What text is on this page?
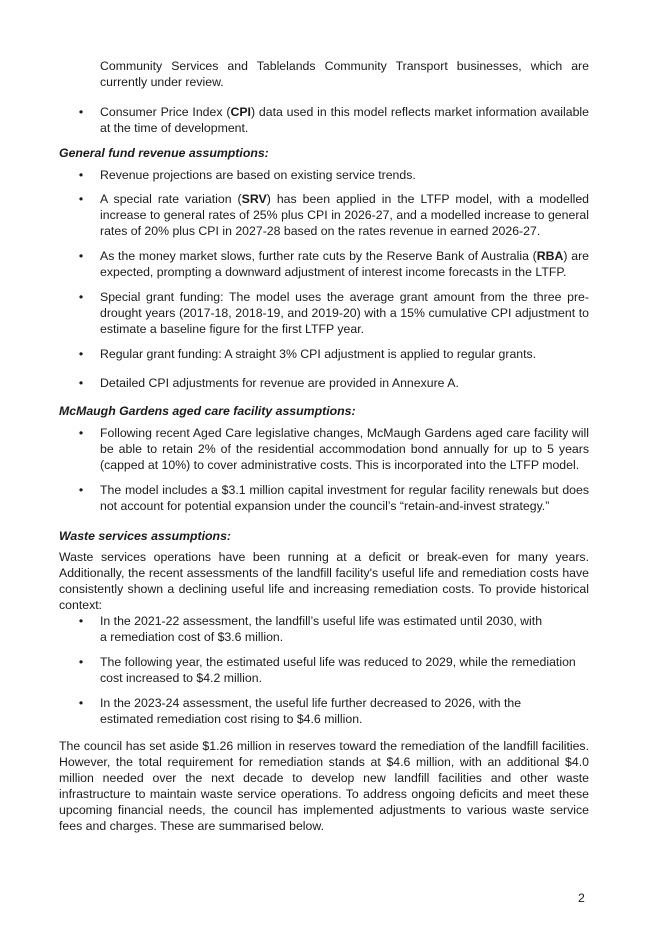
Community Services and Tablelands Community Transport businesses, which are currently under review.
• Consumer Price Index (CPI) data used in this model reflects market information available at the time of development.
General fund revenue assumptions:
• Revenue projections are based on existing service trends.
• A special rate variation (SRV) has been applied in the LTFP model, with a modelled increase to general rates of 25% plus CPI in 2026-27, and a modelled increase to general rates of 20% plus CPI in 2027-28 based on the rates revenue in earned 2026-27.
• As the money market slows, further rate cuts by the Reserve Bank of Australia (RBA) are expected, prompting a downward adjustment of interest income forecasts in the LTFP.
• Special grant funding: The model uses the average grant amount from the three pre-drought years (2017-18, 2018-19, and 2019-20) with a 15% cumulative CPI adjustment to estimate a baseline figure for the first LTFP year.
• Regular grant funding: A straight 3% CPI adjustment is applied to regular grants.
• Detailed CPI adjustments for revenue are provided in Annexure A.
McMaugh Gardens aged care facility assumptions:
• Following recent Aged Care legislative changes, McMaugh Gardens aged care facility will be able to retain 2% of the residential accommodation bond annually for up to 5 years (capped at 10%) to cover administrative costs. This is incorporated into the LTFP model.
• The model includes a $3.1 million capital investment for regular facility renewals but does not account for potential expansion under the council’s “retain-and-invest strategy.”
Waste services assumptions:
Waste services operations have been running at a deficit or break-even for many years. Additionally, the recent assessments of the landfill facility's useful life and remediation costs have consistently shown a declining useful life and increasing remediation costs. To provide historical context:
• In the 2021-22 assessment, the landfill’s useful life was estimated until 2030, with a remediation cost of $3.6 million.
• The following year, the estimated useful life was reduced to 2029, while the remediation cost increased to $4.2 million.
• In the 2023-24 assessment, the useful life further decreased to 2026, with the estimated remediation cost rising to $4.6 million.
The council has set aside $1.26 million in reserves toward the remediation of the landfill facilities. However, the total requirement for remediation stands at $4.6 million, with an additional $4.0 million needed over the next decade to develop new landfill facilities and other waste infrastructure to maintain waste service operations. To address ongoing deficits and meet these upcoming financial needs, the council has implemented adjustments to various waste service fees and charges. These are summarised below.
2
